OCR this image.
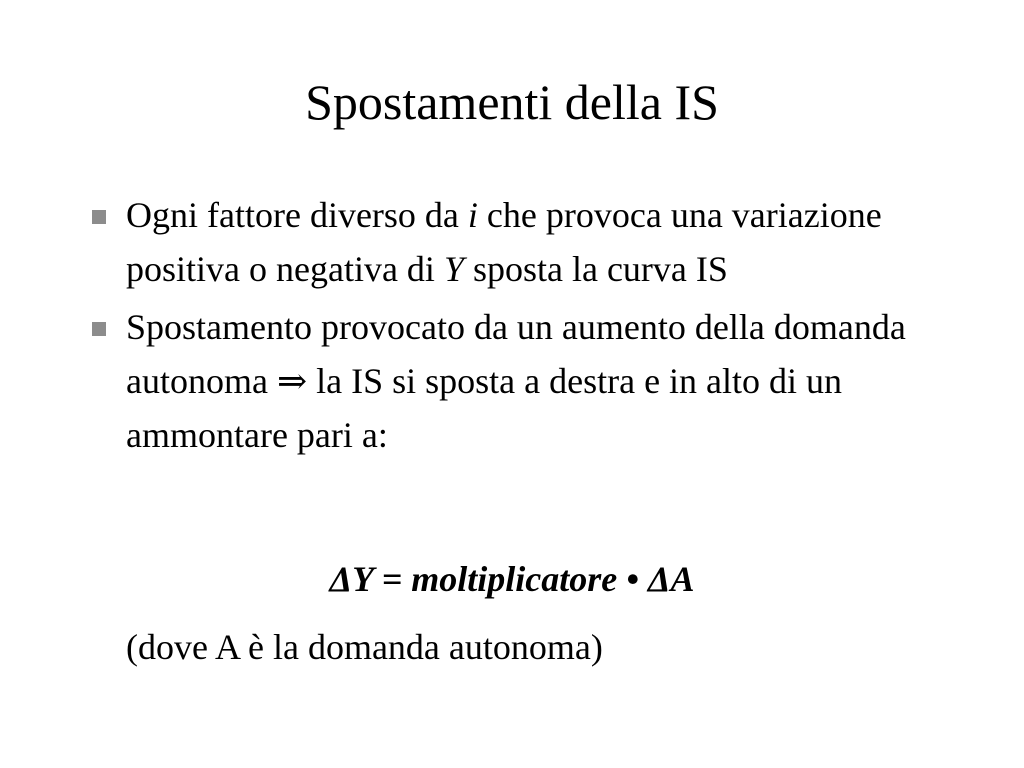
Spostamenti della IS
Ogni fattore diverso da i che provoca una variazione positiva o negativa di Y sposta la curva IS
Spostamento provocato da un aumento della domanda autonoma ⇒ la IS si sposta a destra e in alto di un ammontare pari a:
ΔY = moltiplicatore • ΔA
(dove A è la domanda autonoma)
